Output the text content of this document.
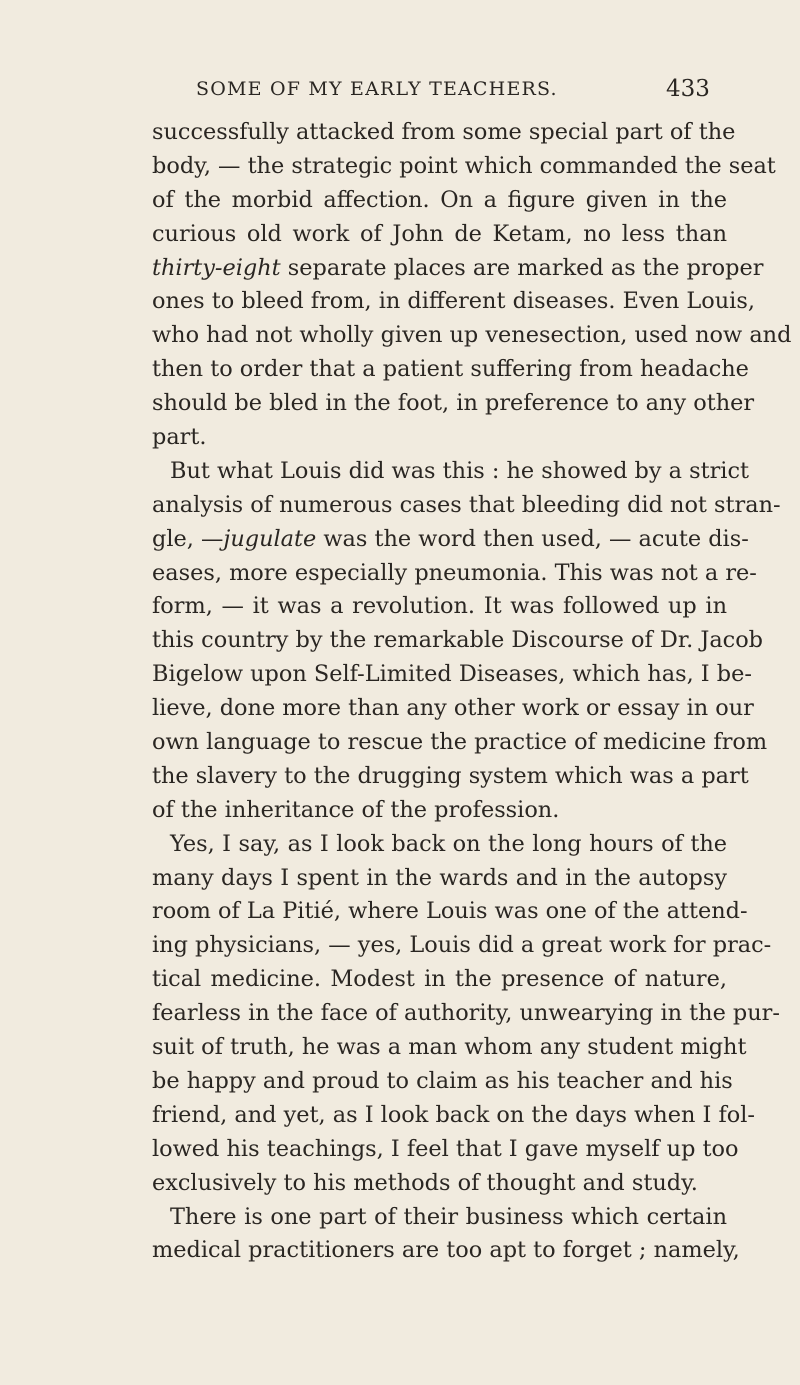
SOME OF MY EARLY TEACHERS.	433
successfully attacked from some special part of the
body, — the strategic point which commanded the seat
of the morbid affection. On a figure given in the
curious old work of John de Ketam, no less than
thirty-eight separate places are marked as the proper
ones to bleed from, in different diseases. Even Louis,
who had not wholly given up venesection, used now and
then to order that a patient suffering from headache
should be bled in the foot, in preference to any other
part.
But what Louis did was this : he showed by a strict
analysis of numerous cases that bleeding did not stran-
gle, —jugulate was the word then used, — acute dis-
eases, more especially pneumonia. This was not a re-
form, — it was a revolution. It was followed up in
this country by the remarkable Discourse of Dr. Jacob
Bigelow upon Self-Limited Diseases, which has, I be-
lieve, done more than any other work or essay in our
own language to rescue the practice of medicine from
the slavery to the drugging system which was a part
of the inheritance of the profession.
Yes, I say, as I look back on the long hours of the
many days I spent in the wards and in the autopsy
room of La Pitié, where Louis was one of the attend-
ing physicians, — yes, Louis did a great work for prac-
tical medicine. Modest in the presence of nature,
fearless in the face of authority, unwearying in the pur-
suit of truth, he was a man whom any student might
be happy and proud to claim as his teacher and his
friend, and yet, as I look back on the days when I fol-
lowed his teachings, I feel that I gave myself up too
exclusively to his methods of thought and study.
There is one part of their business which certain
medical practitioners are too apt to forget ; namely,
